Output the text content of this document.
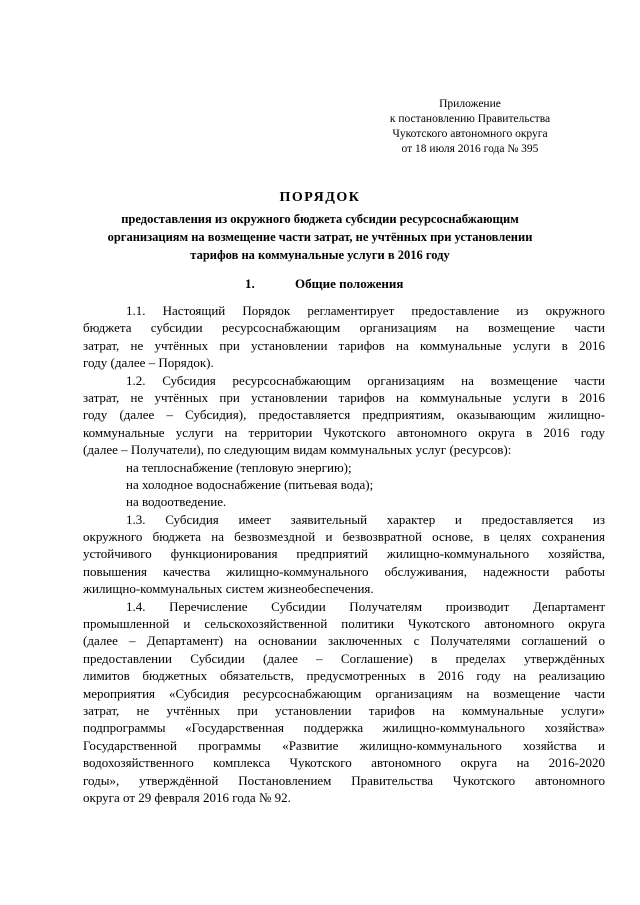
Приложение
к постановлению Правительства
Чукотского автономного округа
от 18 июля 2016 года № 395
ПОРЯДОК
предоставления из окружного бюджета субсидии ресурсоснабжающим
организациям на возмещение части затрат, не учтённых при установлении
тарифов на коммунальные услуги в 2016 году
1.	Общие положения
1.1. Настоящий Порядок регламентирует предоставление из окружного
бюджета субсидии ресурсоснабжающим организациям на возмещение части
затрат, не учтённых при установлении тарифов на коммунальные услуги в 2016
году (далее – Порядок).
1.2. Субсидия ресурсоснабжающим организациям на возмещение части
затрат, не учтённых при установлении тарифов на коммунальные услуги в 2016
году (далее – Субсидия), предоставляется предприятиям, оказывающим жилищно-
коммунальные услуги на территории Чукотского автономного округа в 2016 году
(далее – Получатели), по следующим видам коммунальных услуг (ресурсов):
на теплоснабжение (тепловую энергию);
на холодное водоснабжение (питьевая вода);
на водоотведение.
1.3. Субсидия имеет заявительный характер и предоставляется из
окружного бюджета на безвозмездной и безвозвратной основе, в целях сохранения
устойчивого функционирования предприятий жилищно-коммунального хозяйства,
повышения качества жилищно-коммунального обслуживания, надежности работы
жилищно-коммунальных систем жизнеобеспечения.
1.4. Перечисление Субсидии Получателям производит Департамент
промышленной и сельскохозяйственной политики Чукотского автономного округа
(далее – Департамент) на основании заключенных с Получателями соглашений о
предоставлении Субсидии (далее – Соглашение) в пределах утверждённых
лимитов бюджетных обязательств, предусмотренных в 2016 году на реализацию
мероприятия «Субсидия ресурсоснабжающим организациям на возмещение части
затрат, не учтённых при установлении тарифов на коммунальные услуги»
подпрограммы «Государственная поддержка жилищно-коммунального хозяйства»
Государственной программы «Развитие жилищно-коммунального хозяйства и
водохозяйственного комплекса Чукотского автономного округа на 2016-2020
годы», утверждённой Постановлением Правительства Чукотского автономного
округа от 29 февраля 2016 года № 92.
